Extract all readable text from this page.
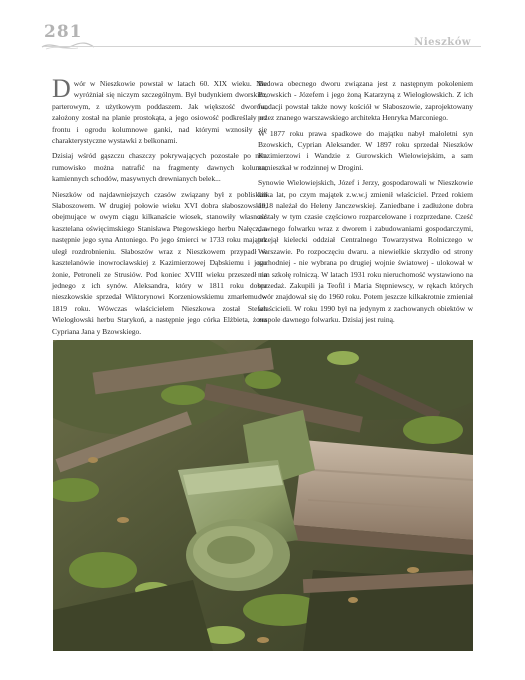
281
Nieszków

Dwór w Nieszkowie powstał w latach 60. XIX wieku. Nie wyróżniał się niczym szczególnym. Był budynkiem dworskim, parterowym, z użytkowym poddaszem. Jak większość dworów, założony został na planie prostokąta, a jego osiowość podkreślały od frontu i ogrodu kolumnowe ganki, nad którymi wznosiły się charakterystyczne wystawki z belkonami.

Dzisiaj wśród gąszczu chaszczy pokrywających pozostałe po nim rumowisko można natrafić na fragmenty dawnych kolumn, kamiennych schodów, masywnych drewnianych belek...

Nieszków od najdawniejszych czasów związany był z pobliskim Słaboszowem. W drugiej połowie wieku XVI dobra słaboszowskie, obejmujące w owym ciągu kilkanaście wiosek, stanowiły własność kasztelana oświęcimskiego Stanisława Ptegowskiego herbu Nałęcz, a następnie jego syna Antoniego. Po jego śmierci w 1733 roku majątek uległ rozdrobnieniu. Słaboszów wraz z Nieszkowem przypadł w kasztelanówie inowrocławskiej z Kazimierzowej Dąbskiemu i jego żonie, Petroneli ze Strusiów. Pod koniec XVIII wieku przeszedł na jednego z ich synów. Aleksandra, który w 1811 roku dobra nieszkowskie sprzedał Wiktorynowi Korzeniowskiemu zmarłemu w 1819 roku. Wówczas właścicielem Nieszkowa został Stefan Wielogłowski herbu Starykoń, a następnie jego córka Elżbieta, żona Cypriana Jana y Bzowskiego.

Budowa obecnego dworu związana jest z następnym pokoleniem Bzowskich - Józefem i jego żoną Katarzyną z Wielogłowskich. Z ich fundacji powstał także nowy kościół w Słaboszowie, zaprojektowany przez znanego warszawskiego architekta Henryka Marconiego.

W 1877 roku prawa spadkowe do majątku nabył małoletni syn Bzowskich, Cyprian Aleksander. W 1897 roku sprzedał Nieszków Kazimierzowi i Wandzie z Gurowskich Wielowiejskim, a sam zamieszkał w rodzinnej w Drogini.

Synowie Wielowiejskich, Józef i Jerzy, gospodarowali w Nieszkowie kilka lat, po czym majątek z.w.w.j zmienił właściciel. Przed rokiem 1918 należał do Heleny Janczewskiej. Zaniedbane i zadłużone dobra zostały w tym czasie częściowo rozparcelowane i rozprzedane. Cześć dawnego folwarku wraz z dworem i zabudowaniami gospodarczymi, przejął kielecki oddział Centralnego Towarzystwa Rolniczego w Warszawie. Po rozpoczęciu dwaru. a niewielkie skrzydło od strony zachodniej - nie wybrana po drugiej wojnie światowej - ulokował w nim szkołę rolniczą. W latach 1931 roku nieruchomość wystawiono na sprzedaż. Zakupili ja Teofil i Maria Stępniewscy, w rękach których dwór znajdował się do 1960 roku. Potem jeszcze kilkakrotnie zmieniał właścicieli. W roku 1990 był na jedynym z zachowanych obiektów w zespole dawnego folwarku. Dzisiaj jest ruiną.
